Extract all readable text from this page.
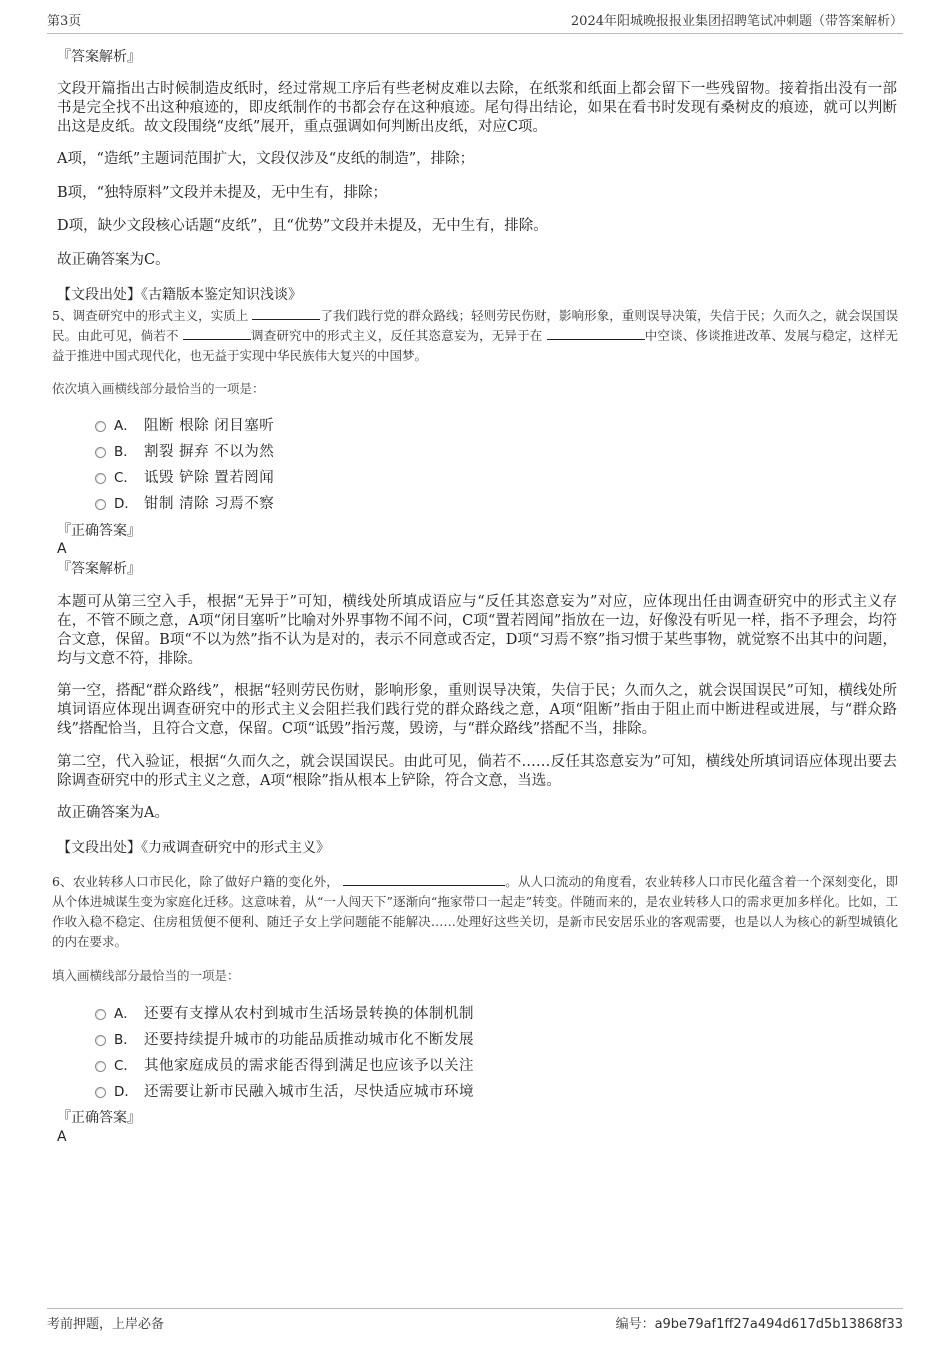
第3页	2024年阳城晚报报业集团招聘笔试冲刺题（带答案解析）
『答案解析』
文段开篇指出古时候制造皮纸时，经过常规工序后有些老树皮难以去除，在纸浆和纸面上都会留下一些残留物。接着指出没有一部书是完全找不出这种痕迹的，即皮纸制作的书都会存在这种痕迹。尾句得出结论，如果在看书时发现有桑树皮的痕迹，就可以判断出这是皮纸。故文段围绕“皮纸”展开，重点强调如何判断出皮纸，对应C项。
A项，“造纸”主题词范围扩大，文段仅涉及“皮纸的制造”，排除；
B项，“独特原料”文段并未提及，无中生有，排除；
D项，缺少文段核心话题“皮纸”，且“优势”文段并未提及，无中生有，排除。
故正确答案为C。
【文段出处】《古籍版本鉴定知识浅谈》
5、调查研究中的形式主义，实质上	了我们践行党的群众路线；轻则劳民伤财，影响形象，重则误导决策，失信于民；久而久之，就会误国误民。由此可见，倘若不	调查研究中的形式主义，反任其恣意妄为，无异于在	中空谈、侈谈推进改革、发展与稳定，这样无益于推进中国式现代化，也无益于实现中华民族伟大复兴的中国梦。
依次填入画横线部分最恰当的一项是：
A． 阻断 根除 闭目塞听
B． 割裂 摒弃 不以为然
C． 诋毁 铲除 置若罔闻
D． 钳制 清除 习焉不察
『正确答案』
A
『答案解析』
本题可从第三空入手，根据“无异于”可知，横线处所填成语应与“反任其恣意妄为”对应，应体现出任由调查研究中的形式主义存在，不管不顾之意，A项“闭目塞听”比喻对外界事物不闻不问，C项“置若罔闻”指放在一边，好像没有听见一样，指不予理会，均符合文意，保留。B项“不以为然”指不认为是对的，表示不同意或否定，D项“习焉不察”指习惯于某些事物，就觉察不出其中的问题，均与文意不符，排除。
第一空，搭配“群众路线”，根据“轻则劳民伤财，影响形象，重则误导决策，失信于民；久而久之，就会误国误民”可知，横线处所填词语应体现出调查研究中的形式主义会阻拦我们践行党的群众路线之意，A项“阻断”指由于阻止而中断进程或进展，与“群众路线”搭配恰当，且符合文意，保留。C项“诋毁”指污蔑，毁谤，与“群众路线”搭配不当，排除。
第二空，代入验证，根据“久而久之，就会误国误民。由此可见，倘若不……反任其恣意妄为”可知，横线处所填词语应体现出要去除调查研究中的形式主义之意，A项“根除”指从根本上铲除，符合文意，当选。
故正确答案为A。
【文段出处】《力戒调查研究中的形式主义》
6、农业转移人口市民化，除了做好户籍的变化外，	。从人口流动的角度看，农业转移人口市民化蕴含着一个深刻变化，即从个体进城谋生变为家庭化迁移。这意味着，从“一人闯天下”逐渐向“拖家带口一起走”转变。伴随而来的，是农业转移人口的需求更加多样化。比如，工作收入稳不稳定、住房租赁便不便利、随迁子女上学问题能不能解决……处理好这些关切，是新市民安居乐业的客观需要，也是以人为核心的新型城镇化的内在要求。
填入画横线部分最恰当的一项是：
A． 还要有支撑从农村到城市生活场景转换的体制机制
B． 还要持续提升城市的功能品质推动城市化不断发展
C． 其他家庭成员的需求能否得到满足也应该予以关注
D． 还需要让新市民融入城市生活，尽快适应城市环境
『正确答案』
A
考前押题，上岸必备	编号：a9be79af1ff27a494d617d5b13868f33
